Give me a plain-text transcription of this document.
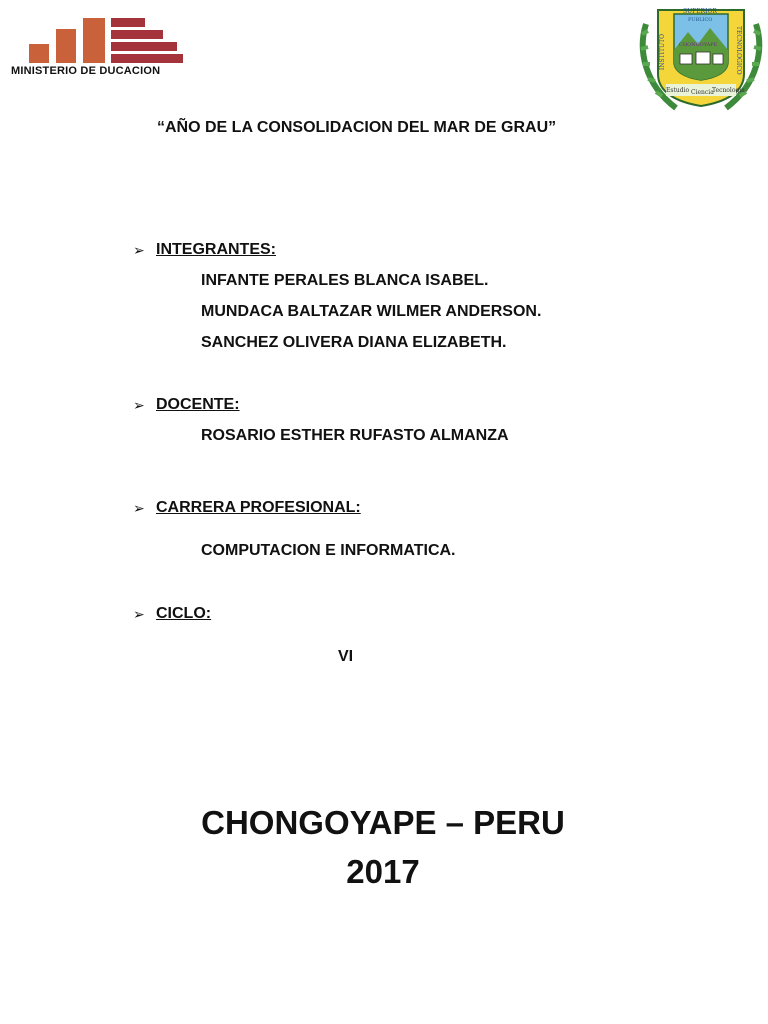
MINISTERIO DE DUCACION
INSTITUTO
SUPERIOR
TECNOLOGICO
PUBLICO
CHONGOYAPE
Estudio Ciencia
Tecnologia
“AÑO DE LA CONSOLIDACION DEL MAR DE GRAU”
➢ INTEGRANTES:
INFANTE PERALES BLANCA ISABEL.
MUNDACA BALTAZAR WILMER ANDERSON.
SANCHEZ OLIVERA DIANA ELIZABETH.
➢ DOCENTE:
ROSARIO ESTHER RUFASTO ALMANZA
➢ CARRERA PROFESIONAL:
COMPUTACION E INFORMATICA.
➢ CICLO:
VI
CHONGOYAPE – PERU
2017
